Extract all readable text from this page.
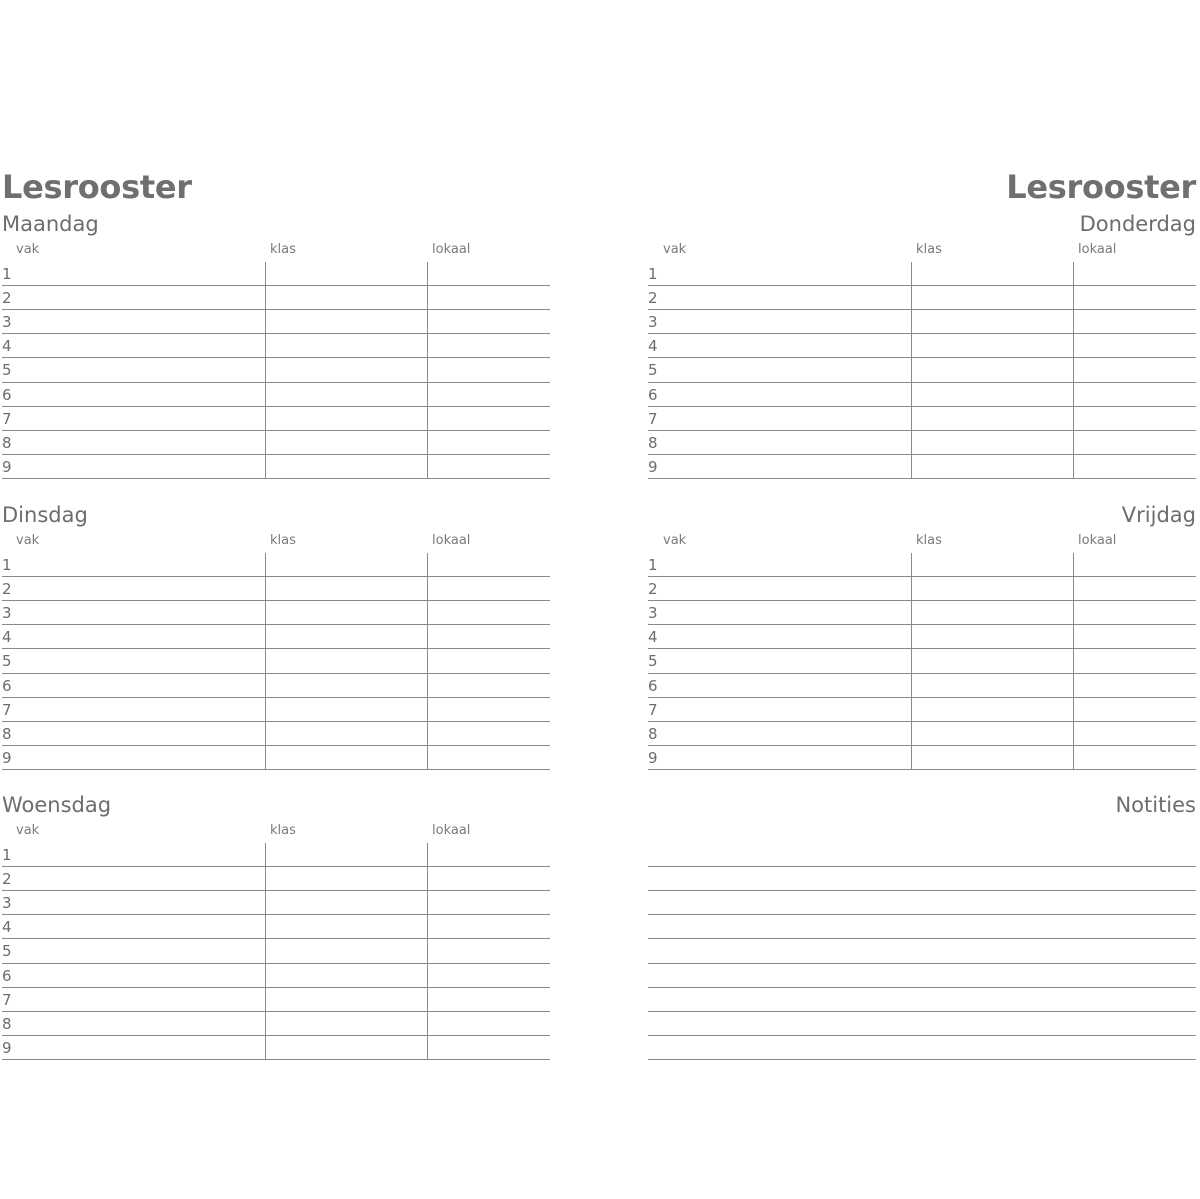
Lesrooster	Lesrooster
Notities
Maandag
vak	klas	lokaal
1
2
3
4
5
6
7
8
9
Dinsdag
vak	klas	lokaal
1
2
3
4
5
6
7
8
9
Woensdag
vak	klas	lokaal
1
2
3
4
5
6
7
8
9
Donderdag
vak	klas	lokaal
1
2
3
4
5
6
7
8
9
Vrijdag
vak	klas	lokaal
1
2
3
4
5
6
7
8
9
